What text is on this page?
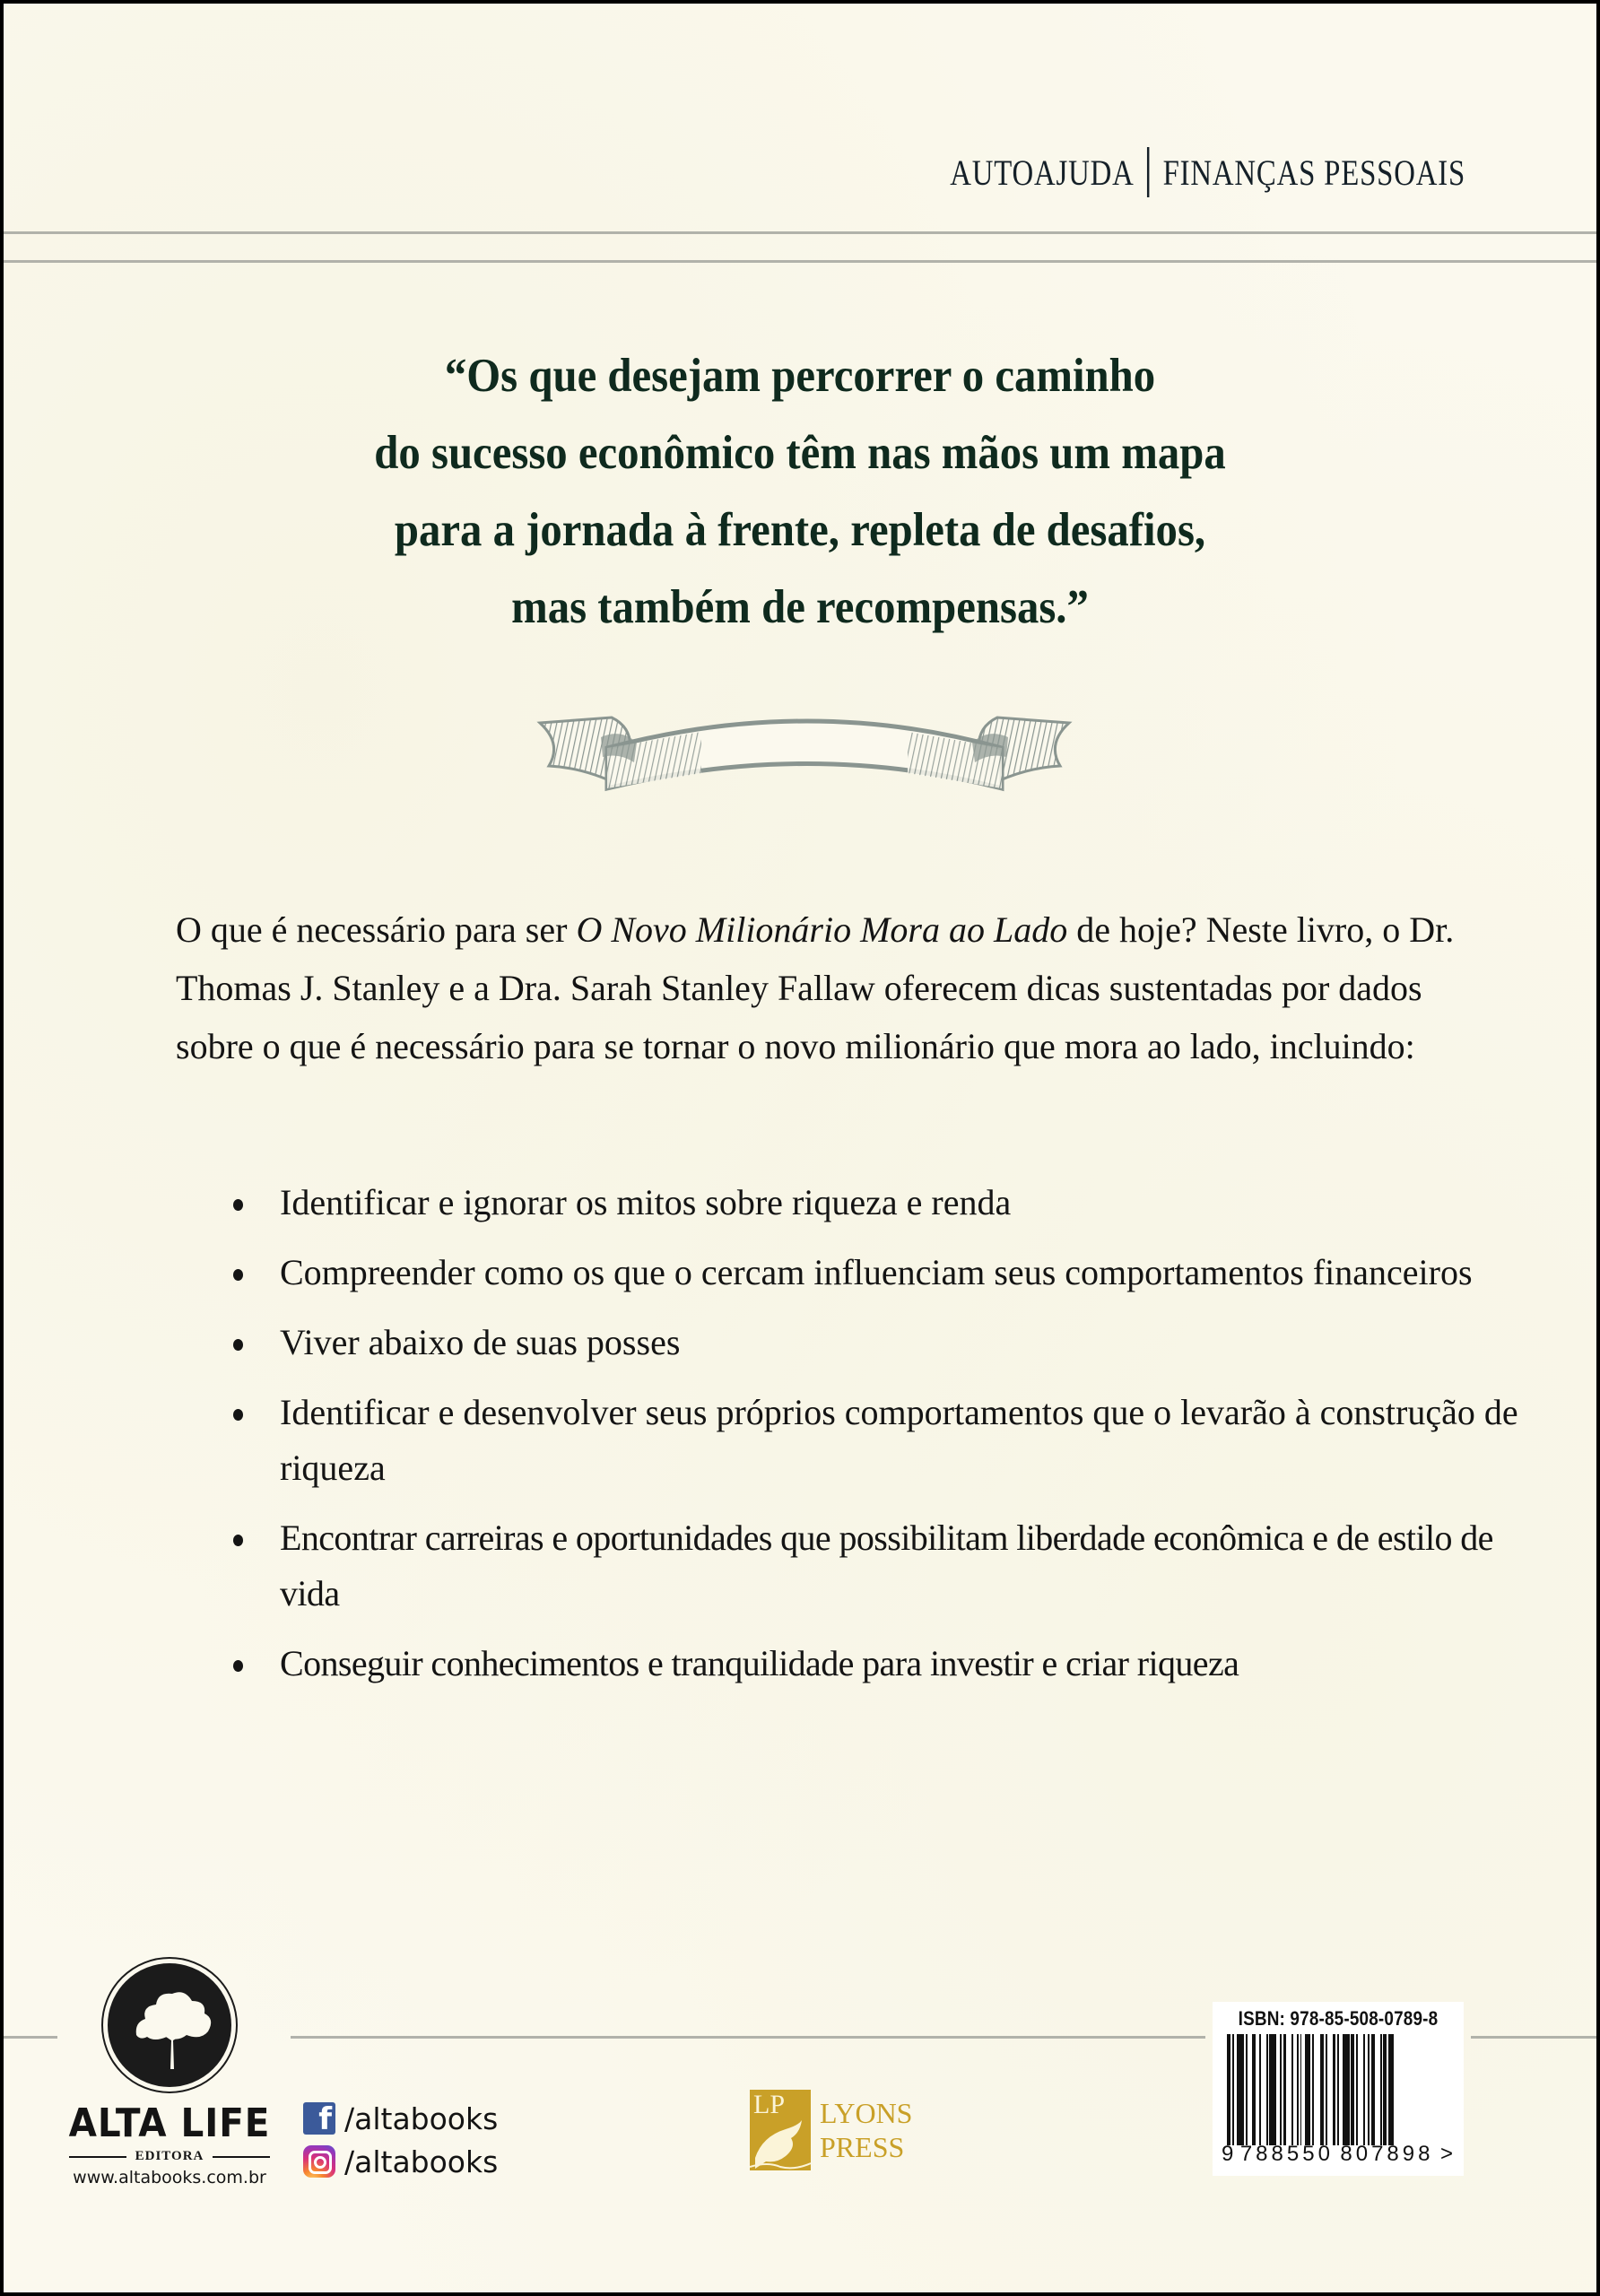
AUTOAJUDA FINANÇAS PESSOAIS
“Os que desejam percorrer o caminho
do sucesso econômico têm nas mãos um mapa
para a jornada à frente, repleta de desafios,
mas também de recompensas.”

O que é necessário para ser O Novo Milionário Mora ao Lado de hoje? Neste livro, o Dr. Thomas J. Stanley e a Dra. Sarah Stanley Fallaw oferecem dicas sustentadas por dados sobre o que é necessário para se tornar o novo milionário que mora ao lado, incluindo:

Identificar e ignorar os mitos sobre riqueza e renda
Compreender como os que o cercam influenciam seus comportamentos financeiros
Viver abaixo de suas posses
Identificar e desenvolver seus próprios comportamentos que o levarão à construção de riqueza
Encontrar carreiras e oportunidades que possibilitam liberdade econômica e de estilo de vida
Conseguir conhecimentos e tranquilidade para investir e criar riqueza
ALTA LIFE
EDITORA
www.altabooks.com.br
f /altabooks
/altabooks
LP	LYONS
PRESS
ISBN: 978-85-508-0789-8
9 788550 807898 >
